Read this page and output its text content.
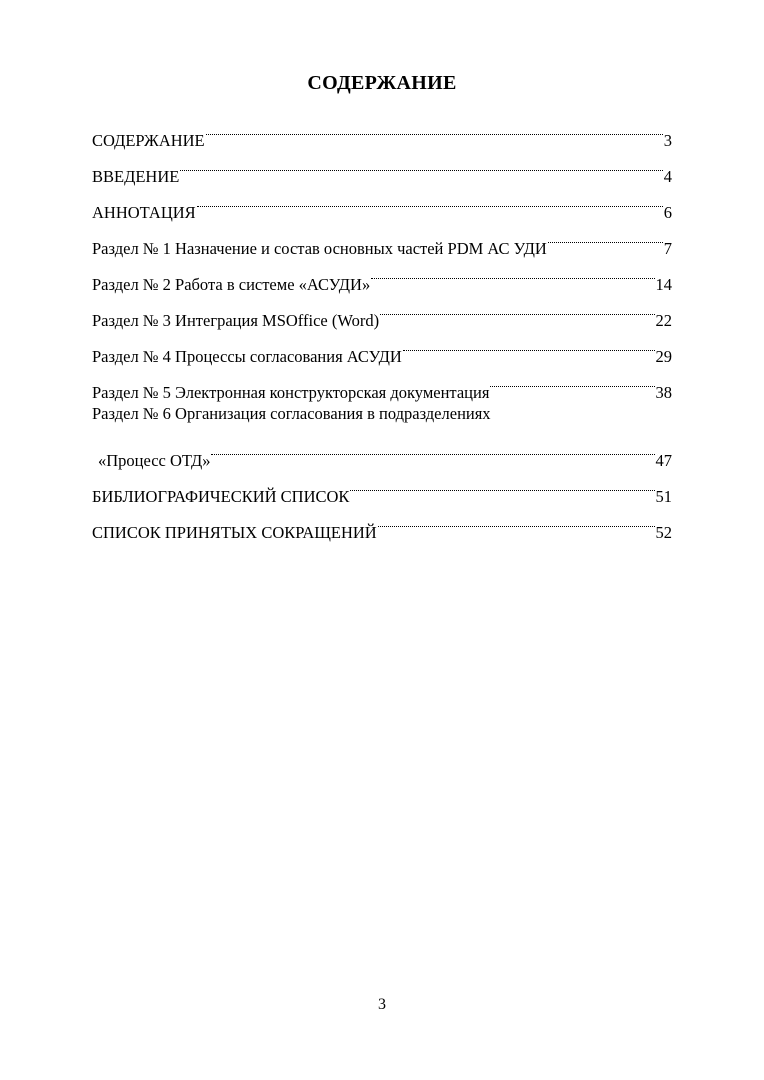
СОДЕРЖАНИЕ
СОДЕРЖАНИЕ	3
ВВЕДЕНИЕ	4
АННОТАЦИЯ	6
Раздел № 1 Назначение и состав основных частей PDM АС УДИ	7
Раздел № 2 Работа в системе «АСУДИ»	14
Раздел № 3 Интеграция MSOffice (Word)	22
Раздел № 4 Процессы согласования АСУДИ	29
Раздел № 5 Электронная конструкторская документация	38
Раздел № 6 Организация согласования в подразделениях
«Процесс ОТД»	47
БИБЛИОГРАФИЧЕСКИЙ СПИСОК	51
СПИСОК ПРИНЯТЫХ СОКРАЩЕНИЙ	52
3
